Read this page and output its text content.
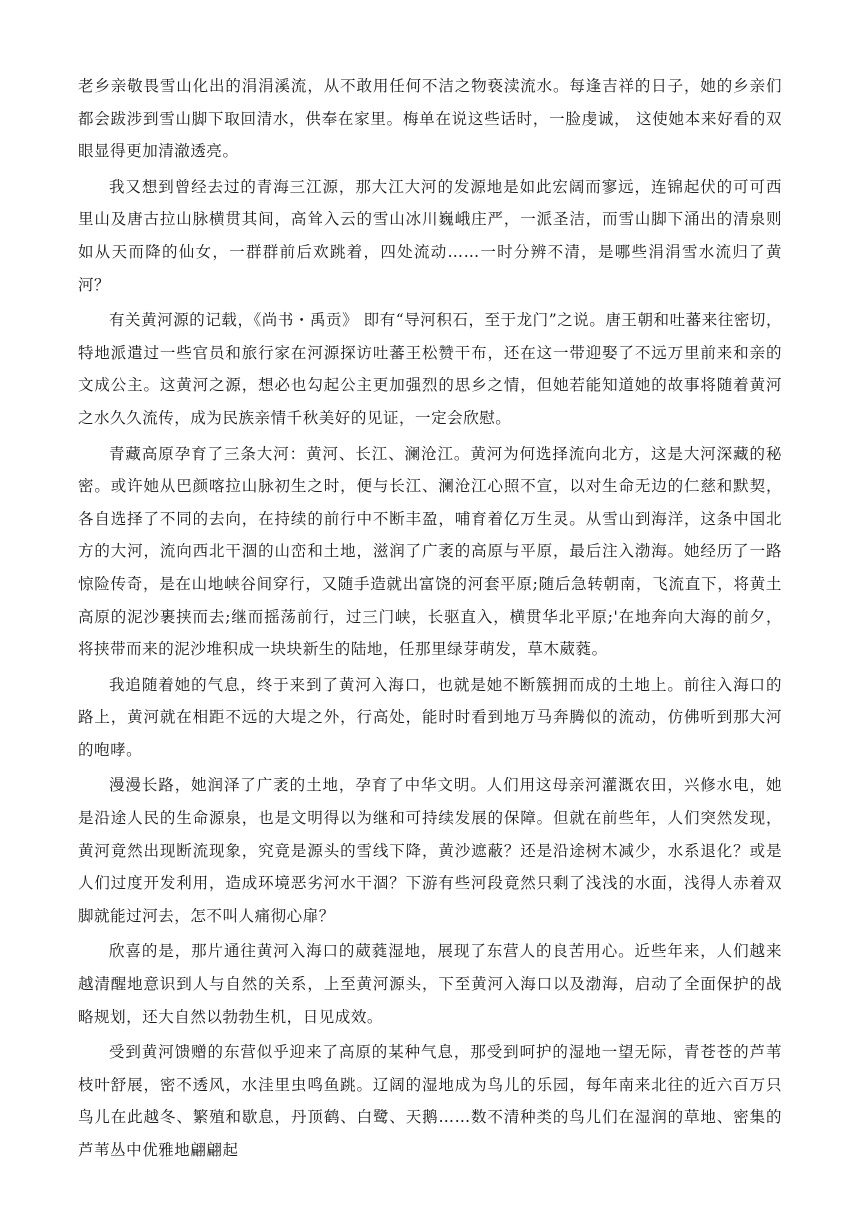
老乡亲敬畏雪山化出的涓涓溪流，从不敢用任何不洁之物亵渎流水。每逢吉祥的日子，她的乡亲们都会跋涉到雪山脚下取回清水，供奉在家里。梅单在说这些话时，一脸虔诚， 这使她本来好看的双眼显得更加清澈透亮。

我又想到曾经去过的青海三江源，那大江大河的发源地是如此宏阔而寥远，连锦起伏的可可西里山及唐古拉山脉横贯其间，高耸入云的雪山冰川巍峨庄严，一派圣洁，而雪山脚下涌出的清泉则如从天而降的仙女，一群群前后欢跳着，四处流动……一时分辨不清，是哪些涓涓雪水流归了黄河？

有关黄河源的记载，《尚书・禹贡》 即有“导河积石，至于龙门”之说。唐王朝和吐蕃来往密切，特地派遣过一些官员和旅行家在河源探访吐蕃王松赞干布，还在这一带迎娶了不远万里前来和亲的文成公主。这黄河之源，想必也勾起公主更加强烈的思乡之情，但她若能知道她的故事将随着黄河之水久久流传，成为民族亲情千秋美好的见证，一定会欣慰。

青藏高原孕育了三条大河：黄河、长江、澜沧江。黄河为何选择流向北方，这是大河深藏的秘密。或许她从巴颜喀拉山脉初生之时，便与长江、澜沧江心照不宣，以对生命无边的仁慈和默契，各自选择了不同的去向，在持续的前行中不断丰盈，哺育着亿万生灵。从雪山到海洋，这条中国北方的大河，流向西北干涸的山峦和土地，滋润了广袤的高原与平原，最后注入渤海。她经历了一路惊险传奇，是在山地峡谷间穿行，又随手造就出富饶的河套平原;随后急转朝南，飞流直下，将黄土高原的泥沙裹挟而去;继而摇荡前行，过三门峡，长驱直入，横贯华北平原;'在地奔向大海的前夕，将挟带而来的泥沙堆积成一块块新生的陆地，任那里绿芽萌发，草木葳蕤。

我追随着她的气息，终于来到了黄河入海口，也就是她不断簇拥而成的土地上。前往入海口的路上，黄河就在相距不远的大堤之外，行高处，能时时看到地万马奔腾似的流动，仿佛听到那大河的咆哮。

漫漫长路，她润泽了广袤的土地，孕育了中华文明。人们用这母亲河灌溉农田，兴修水电，她是沿途人民的生命源泉，也是文明得以为继和可持续发展的保障。但就在前些年，人们突然发现，黄河竟然出现断流现象，究竟是源头的雪线下降，黄沙遮蔽？还是沿途树木减少，水系退化？或是人们过度开发利用，造成环境恶劣河水干涸？下游有些河段竟然只剩了浅浅的水面，浅得人赤着双脚就能过河去，怎不叫人痛彻心扉？

欣喜的是，那片通往黄河入海口的葳蕤湿地，展现了东营人的良苦用心。近些年来，人们越来越清醒地意识到人与自然的关系，上至黄河源头，下至黄河入海口以及渤海，启动了全面保护的战略规划，还大自然以勃勃生机，日见成效。

受到黄河馈赠的东营似乎迎来了高原的某种气息，那受到呵护的湿地一望无际，青苍苍的芦苇枝叶舒展，密不透风，水洼里虫鸣鱼跳。辽阔的湿地成为鸟儿的乐园，每年南来北往的近六百万只鸟儿在此越冬、繁殖和歇息，丹顶鹤、白鹭、天鹅……数不清种类的鸟儿们在湿润的草地、密集的芦苇丛中优雅地翩翩起
